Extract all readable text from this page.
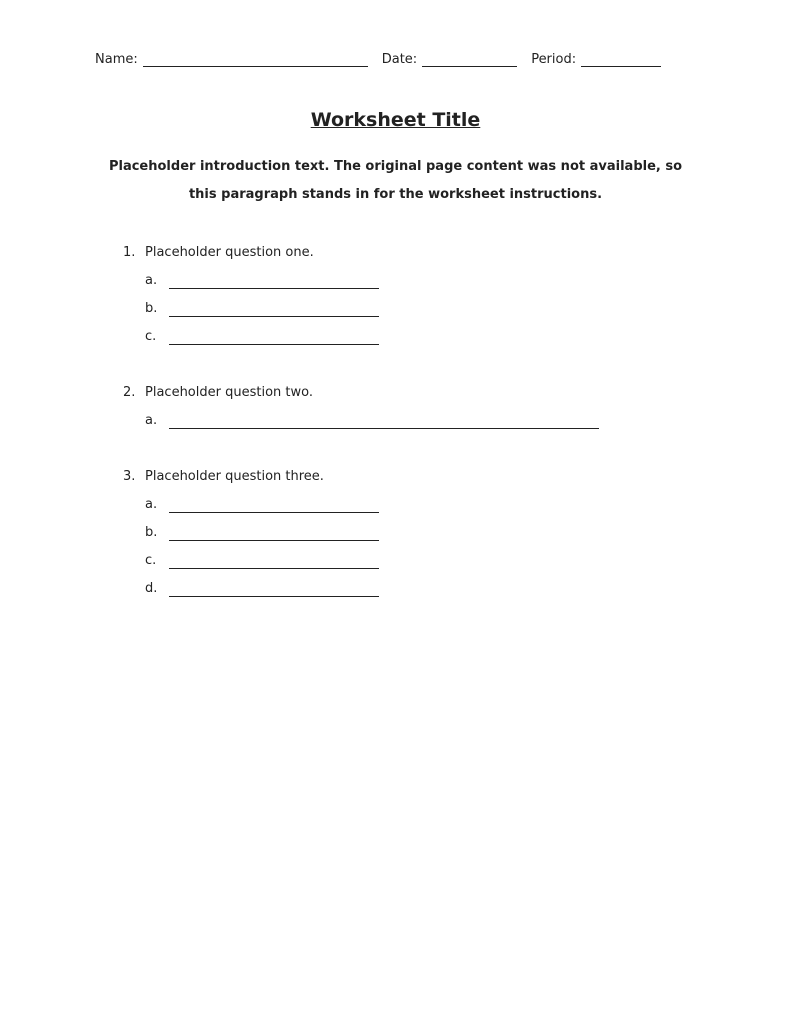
Name:	Date:	Period:
Worksheet Title

Placeholder introduction text. The original page content was not available, so this paragraph stands in for the worksheet instructions.

1. Placeholder question one.
a.
b.
c.
2. Placeholder question two.
a.
3. Placeholder question three.
a.
b.
c.
d.
